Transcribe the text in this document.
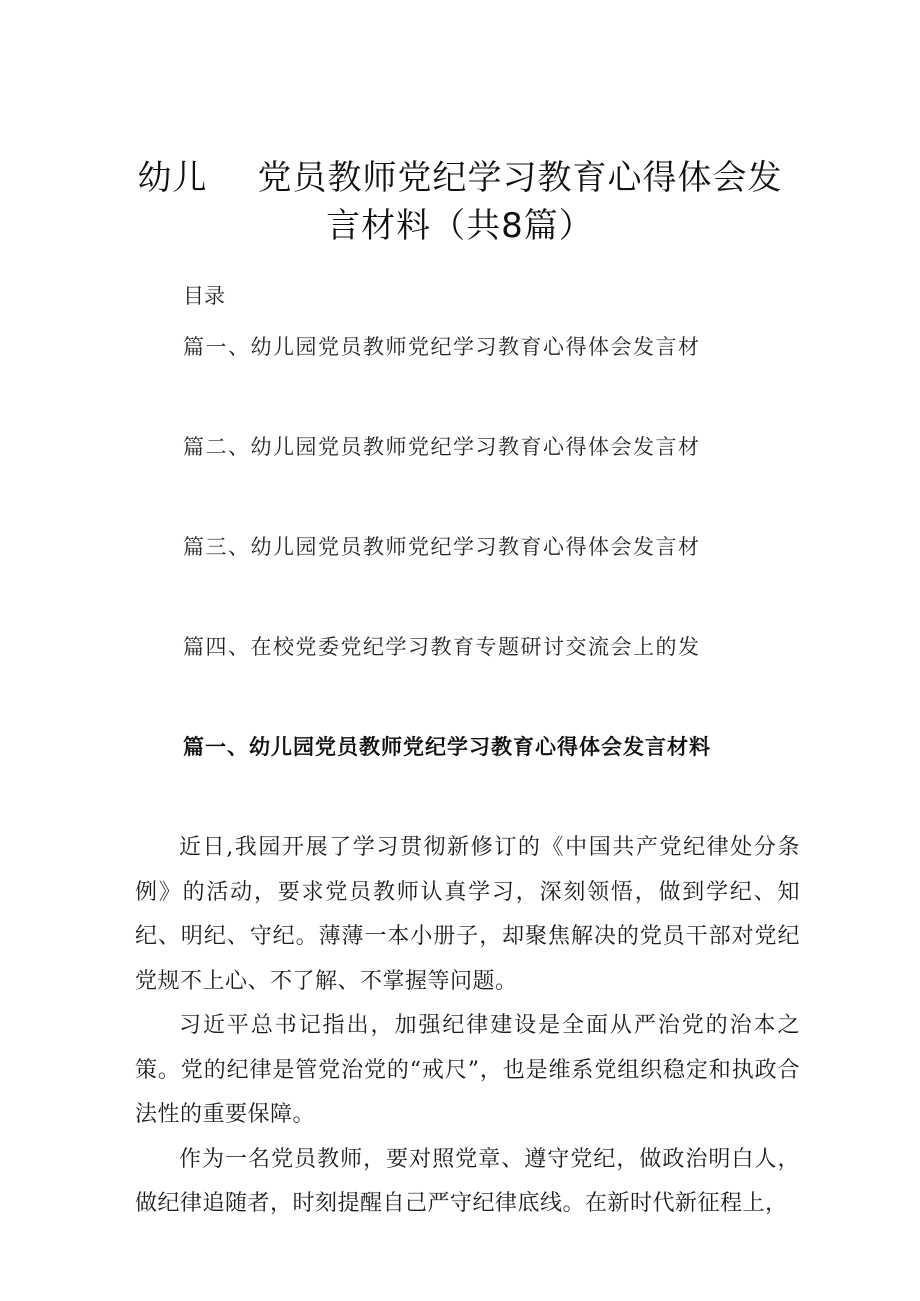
幼儿 党员教师党纪学习教育心得体会发
言材料（共8篇）
目录
篇一、幼儿园党员教师党纪学习教育心得体会发言材
篇二、幼儿园党员教师党纪学习教育心得体会发言材
篇三、幼儿园党员教师党纪学习教育心得体会发言材
篇四、在校党委党纪学习教育专题研讨交流会上的发
篇一、幼儿园党员教师党纪学习教育心得体会发言材料

近日,我园开展了学习贯彻新修订的《中国共产党纪律处分条例》的活动，要求党员教师认真学习，深刻领悟，做到学纪、知纪、明纪、守纪。薄薄一本小册子，却聚焦解决的党员干部对党纪党规不上心、不了解、不掌握等问题。

习近平总书记指出，加强纪律建设是全面从严治党的治本之策。党的纪律是管党治党的“戒尺”，也是维系党组织稳定和执政合法性的重要保障。

作为一名党员教师，要对照党章、遵守党纪，做政治明白人，做纪律追随者，时刻提醒自己严守纪律底线。在新时代新征程上，
